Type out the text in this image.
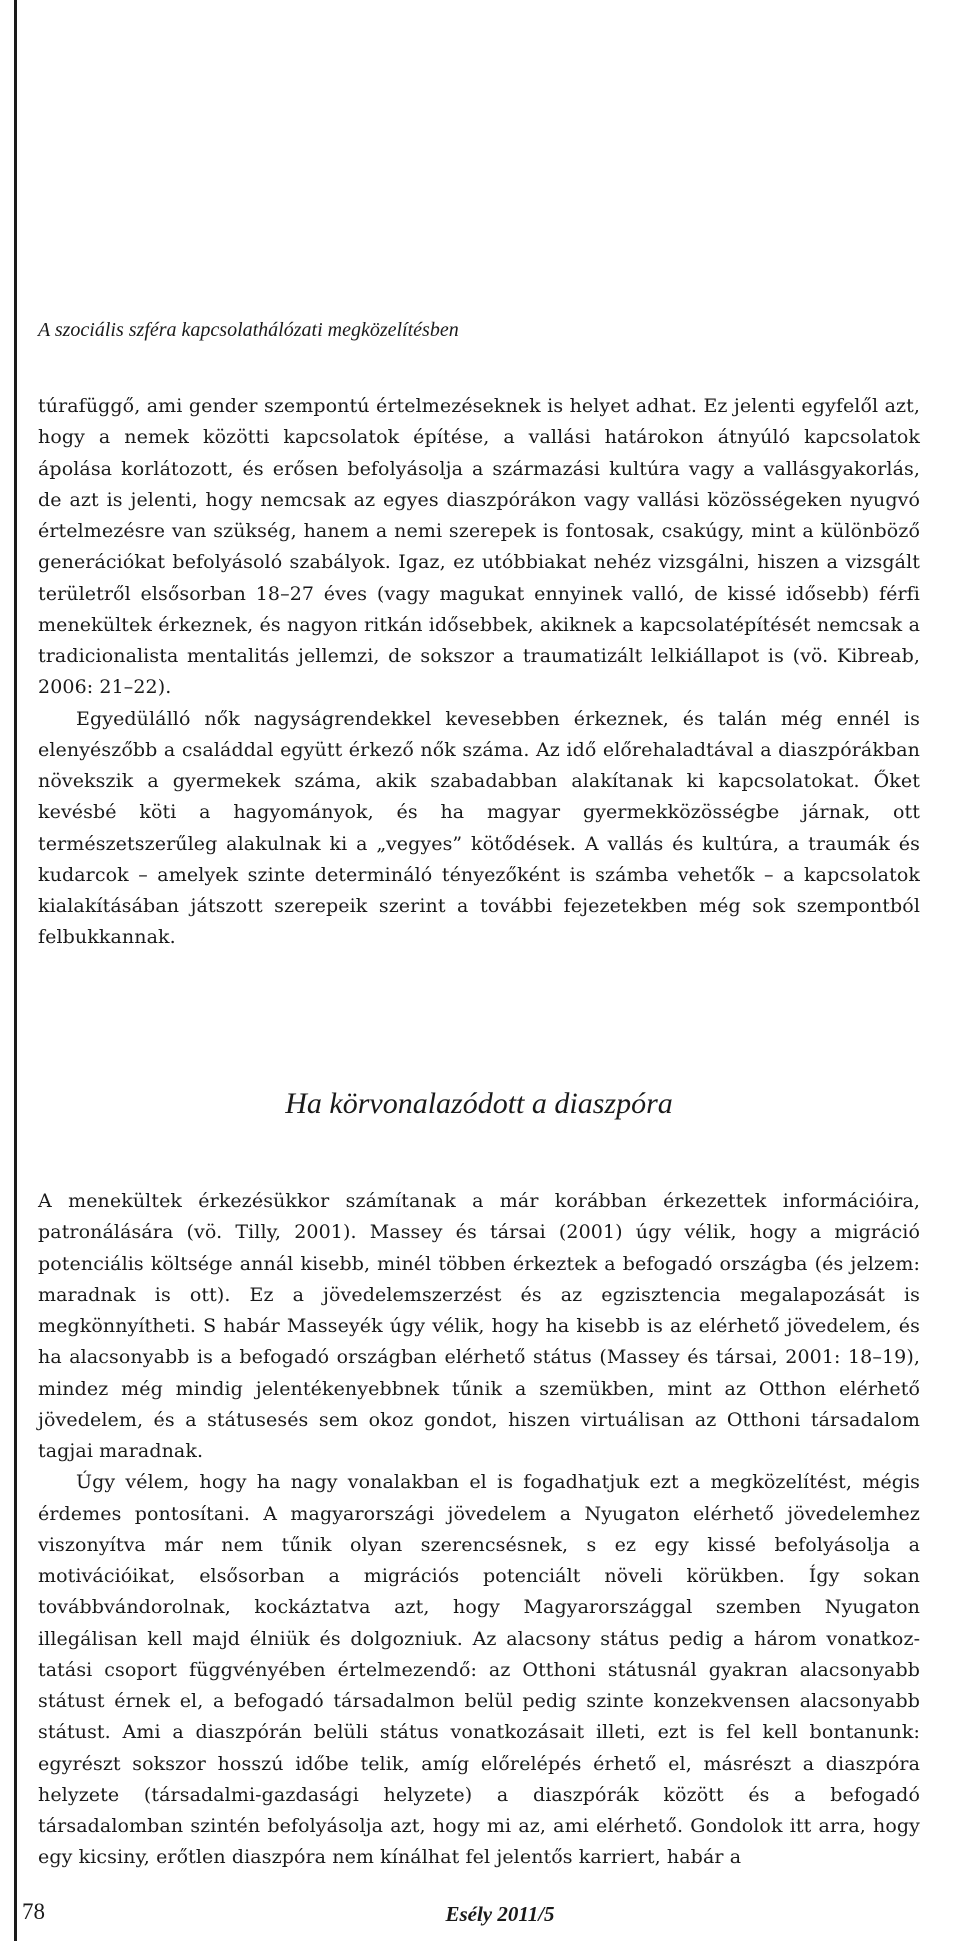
A szociális szféra kapcsolathálózati megközelítésben

túrafüggő, ami gender szempontú értelmezéseknek is helyet adhat. Ez jelenti egyfelől azt, hogy a nemek közötti kapcsolatok építése, a vallási határokon átnyúló kapcsolatok ápolása korlátozott, és erősen befolyásolja a származási kultúra vagy a vallásgyakorlás, de azt is jelenti, hogy nemcsak az egyes diaszpórákon vagy vallási közösségeken nyugvó értelmezésre van szükség, hanem a nemi szerepek is fontosak, csakúgy, mint a különböző generációkat befolyásoló szabályok. Igaz, ez utóbbiakat nehéz vizsgálni, hiszen a vizsgált területről elsősorban 18–27 éves (vagy magukat ennyinek valló, de kissé idősebb) férfi menekültek érkeznek, és nagyon ritkán idősebbek, akiknek a kapcsolatépítését nemcsak a tradicionalista mentalitás jellemzi, de sokszor a traumatizált lelkiállapot is (vö. Kibreab, 2006: 21–22).

Egyedülálló nők nagyságrendekkel kevesebben érkeznek, és talán még ennél is elenyészőbb a családdal együtt érkező nők száma. Az idő előrehaladtával a diaszpórákban növekszik a gyermekek száma, akik szabadabban alakítanak ki kapcsolatokat. Őket kevésbé köti a hagyományok, és ha magyar gyermekközösségbe járnak, ott természetszerűleg alakulnak ki a „vegyes” kötődések. A vallás és kultúra, a traumák és kudarcok – amelyek szinte determináló tényezőként is számba vehetők – a kapcsolatok kialakításában játszott szerepeik szerint a további fejezetekben még sok szempontból felbukkannak.

Ha körvonalazódott a diaszpóra

A menekültek érkezésükkor számítanak a már korábban érkezettek információira, patronálására (vö. Tilly, 2001). Massey és társai (2001) úgy vélik, hogy a migráció potenciális költsége annál kisebb, minél többen érkeztek a befogadó országba (és jelzem: maradnak is ott). Ez a jövedelemszerzést és az egzisztencia megalapozását is megkönnyítheti. S habár Masseyék úgy vélik, hogy ha kisebb is az elérhető jövedelem, és ha alacsonyabb is a befogadó országban elérhető státus (Massey és társai, 2001: 18–19), mindez még mindig jelentékenyebbnek tűnik a szemükben, mint az Otthon elérhető jövedelem, és a státusesés sem okoz gondot, hiszen virtuálisan az Otthoni társadalom tagjai maradnak.

Úgy vélem, hogy ha nagy vonalakban el is fogadhatjuk ezt a megközelítést, mégis érdemes pontosítani. A magyarországi jövedelem a Nyugaton elérhető jövedelemhez viszonyítva már nem tűnik olyan szerencsésnek, s ez egy kissé befolyásolja a motivációikat, elsősorban a migrációs potenciált növeli körükben. Így sokan továbbvándorolnak, kockáztatva azt, hogy Magyarországgal szemben Nyugaton illegálisan kell majd élniük és dolgozniuk. Az alacsony státus pedig a három vonatkoztatási csoport függvényében értelmezendő: az Otthoni státusnál gyakran alacsonyabb státust érnek el, a befogadó társadalmon belül pedig szinte konzekvensen alacsonyabb státust. Ami a diaszpórán belüli státus vonatkozásait illeti, ezt is fel kell bontanunk: egyrészt sokszor hosszú időbe telik, amíg előrelépés érhető el, másrészt a diaszpóra helyzete (társadalmi-gazdasági helyzete) a diaszpórák között és a befogadó társadalomban szintén befolyásolja azt, hogy mi az, ami elérhető. Gondolok itt arra, hogy egy kicsiny, erőtlen diaszpóra nem kínálhat fel jelentős karriert, habár a

78	Esély 2011/5
